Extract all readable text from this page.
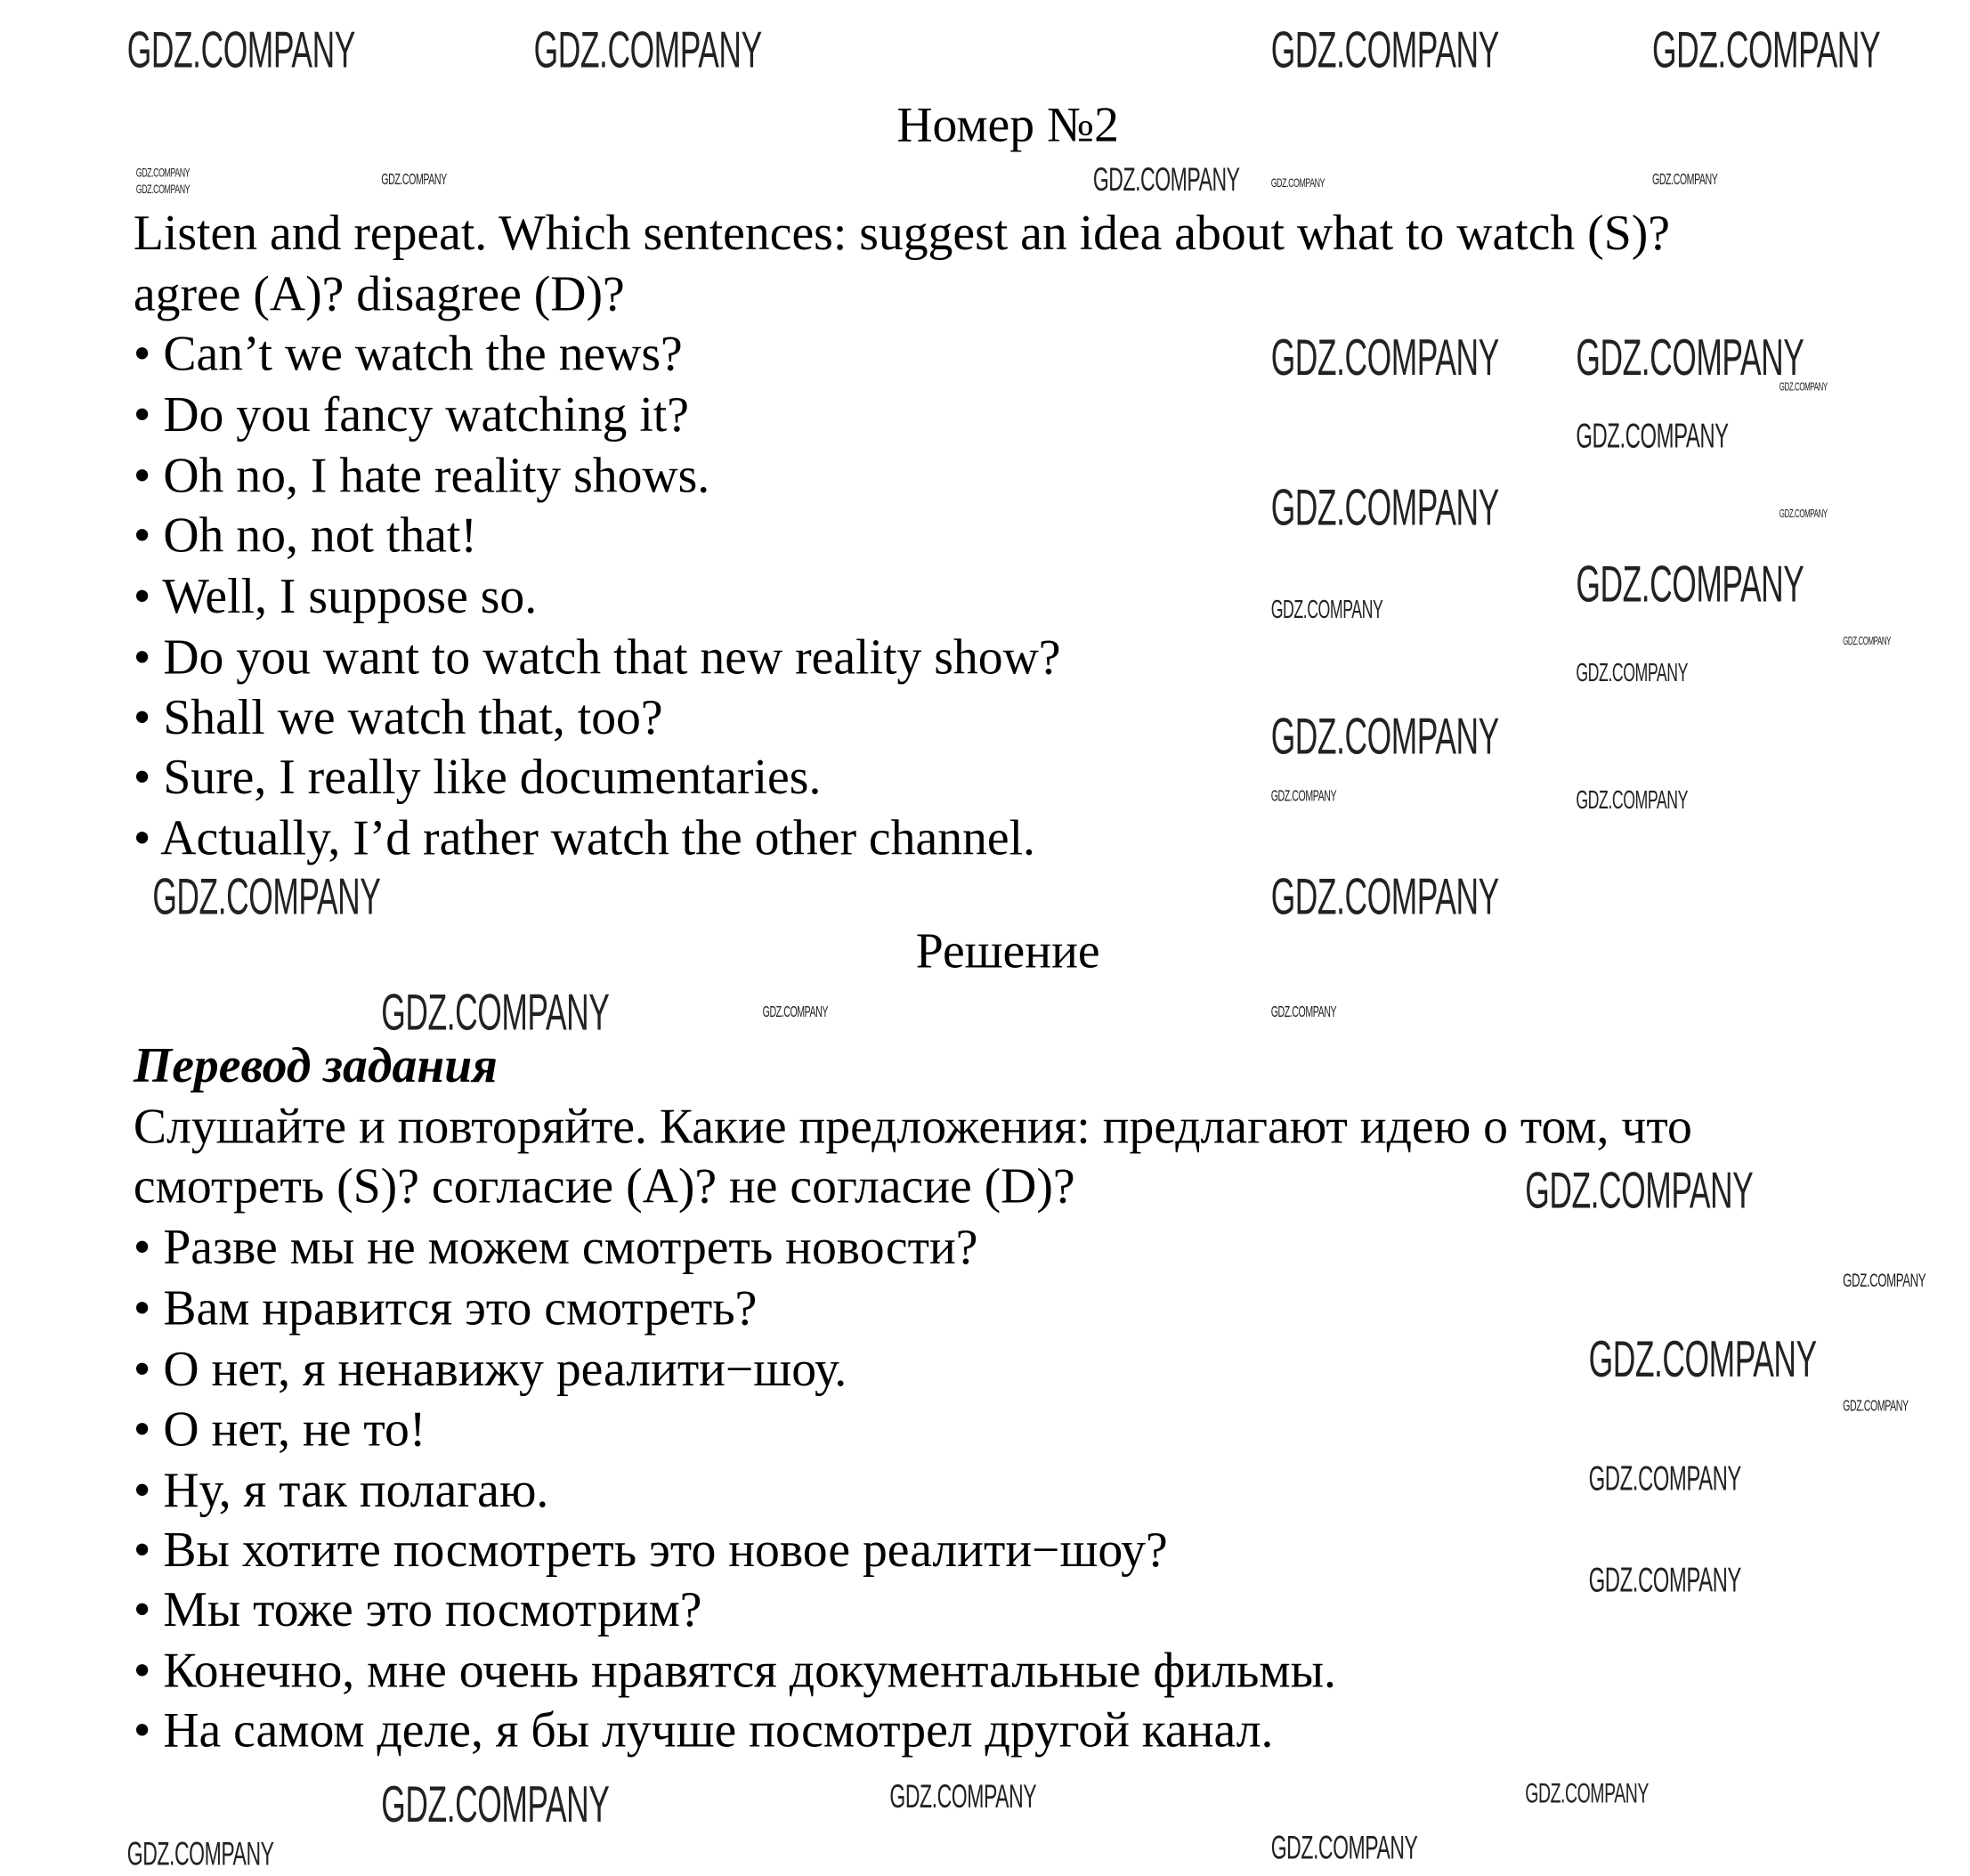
Номер №2
Listen and repeat. Which sentences: suggest an idea about what to watch (S)?
agree (A)? disagree (D)?
• Can’t we watch the news?
• Do you fancy watching it?
• Oh no, I hate reality shows.
• Oh no, not that!
• Well, I suppose so.
• Do you want to watch that new reality show?
• Shall we watch that, too?
• Sure, I really like documentaries.
• Actually, I’d rather watch the other channel.
Решение
Перевод задания
Слушайте и повторяйте. Какие предложения: предлагают идею о том, что
смотреть (S)? согласие (A)? не согласие (D)?
• Разве мы не можем смотреть новости?
• Вам нравится это смотреть?
• О нет, я ненавижу реалити−шоу.
• О нет, не то!
• Ну, я так полагаю.
• Вы хотите посмотреть это новое реалити−шоу?
• Мы тоже это посмотрим?
• Конечно, мне очень нравятся документальные фильмы.
• На самом деле, я бы лучше посмотрел другой канал.
GDZ.COMPANY	GDZ.COMPANY	GDZ.COMPANY	GDZ.COMPANY
GDZ.COMPANY GDZ.COMPANY
GDZ.COMPANY
GDZ.COMPANY
GDZ.COMPANY
GDZ.COMPANY	GDZ.COMPANY
GDZ.COMPANY
GDZ.COMPANY
GDZ.COMPANY
GDZ.COMPANY
GDZ.COMPANY
GDZ.COMPANY
GDZ.COMPANY
GDZ.COMPANY
GDZ.COMPANY
GDZ.COMPANY
GDZ.COMPANY
GDZ.COMPANY
GDZ.COMPANY
GDZ.COMPANY
GDZ.COMPANY
GDZ.COMPANY
GDZ.COMPANY
GDZ.COMPANY	GDZ.COMPANY	GDZ.COMPANY
GDZ.COMPANY
GDZ.COMPANY
GDZ.COMPANY
GDZ.COMPANY
GDZ.COMPANY	GDZ.COMPANY
GDZ.COMPANY
GDZ.COMPANY
